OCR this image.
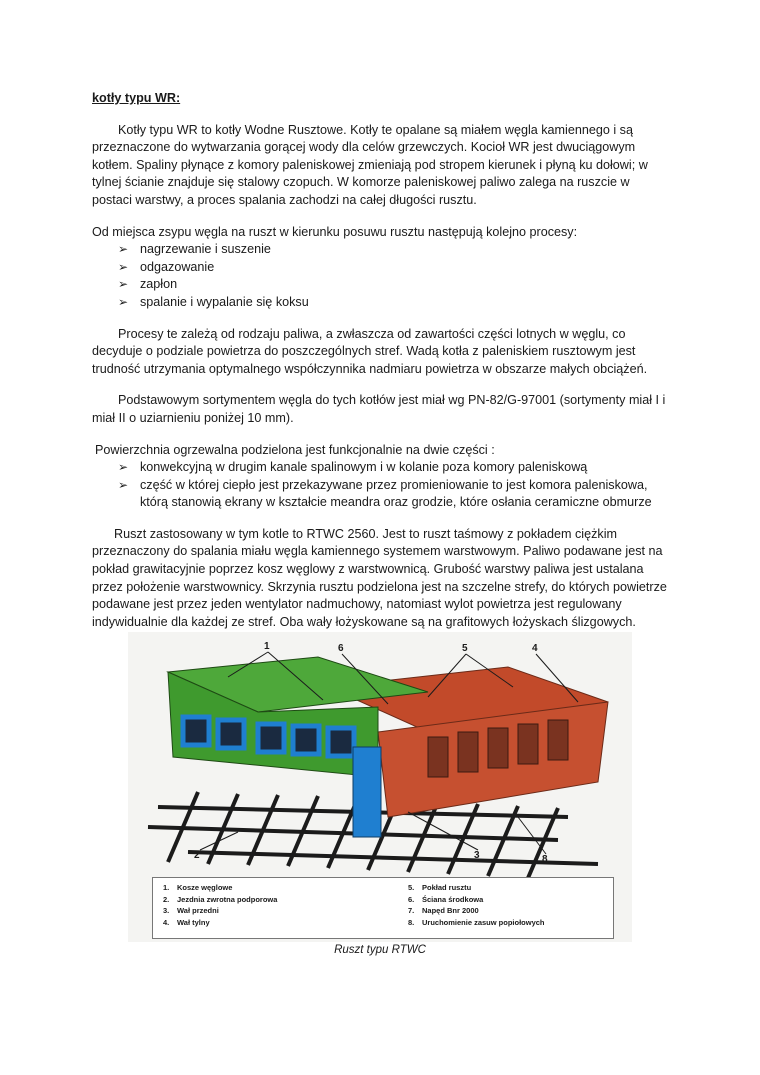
kotły typu WR:

Kotły typu WR to kotły Wodne Rusztowe. Kotły te opalane są miałem węgla kamiennego i są przeznaczone do wytwarzania gorącej wody dla celów grzewczych. Kocioł WR jest dwuciągowym kotłem. Spaliny płynące z komory paleniskowej zmieniają pod stropem kierunek i płyną ku dołowi; w tylnej ścianie znajduje się stalowy czopuch. W komorze paleniskowej paliwo zalega na ruszcie w postaci warstwy, a proces spalania zachodzi na całej długości rusztu.

Od miejsca zsypu węgla na ruszt w kierunku posuwu rusztu następują kolejno procesy:

➢ nagrzewanie i suszenie
➢ odgazowanie
➢ zapłon
➢ spalanie i wypalanie się koksu

Procesy te zależą od rodzaju paliwa, a zwłaszcza od zawartości części lotnych w węglu, co decyduje o podziale powietrza do poszczególnych stref. Wadą kotła z paleniskiem rusztowym jest trudność utrzymania optymalnego współczynnika nadmiaru powietrza w obszarze małych obciążeń.

Podstawowym sortymentem węgla do tych kotłów jest miał wg PN-82/G-97001 (sortymenty miał I i miał II o uziarnieniu poniżej 10 mm).

Powierzchnia ogrzewalna podzielona jest funkcjonalnie na dwie części :

➢ konwekcyjną w drugim kanale spalinowym i w kolanie poza komory paleniskową
➢ część w której ciepło jest przekazywane przez promieniowanie to jest komora paleniskowa, którą stanowią ekrany w kształcie meandra oraz grodzie, które osłania ceramiczne obmurze

Ruszt zastosowany w tym kotle to RTWC 2560. Jest to ruszt taśmowy z pokładem ciężkim przeznaczony do spalania miału węgla kamiennego systemem warstwowym. Paliwo podawane jest na pokład grawitacyjnie poprzez kosz węglowy z warstwownicą. Grubość warstwy paliwa jest ustalana przez położenie warstwownicy. Skrzynia rusztu podzielona jest na szczelne strefy, do których powietrze podawane jest przez jeden wentylator nadmuchowy, natomiast wylot powietrza jest regulowany indywidualnie dla każdej ze stref. Oba wały łożyskowane są na grafitowych łożyskach ślizgowych.

1	6	5	4
2	3	8
1. Kosze węglowe
2. Jezdnia zwrotna podporowa
3. Wał przedni
4. Wał tylny
5. Pokład rusztu
6. Ściana środkowa
7. Napęd Bnr 2000
8. Uruchomienie zasuw popiołowych
Ruszt typu RTWC
